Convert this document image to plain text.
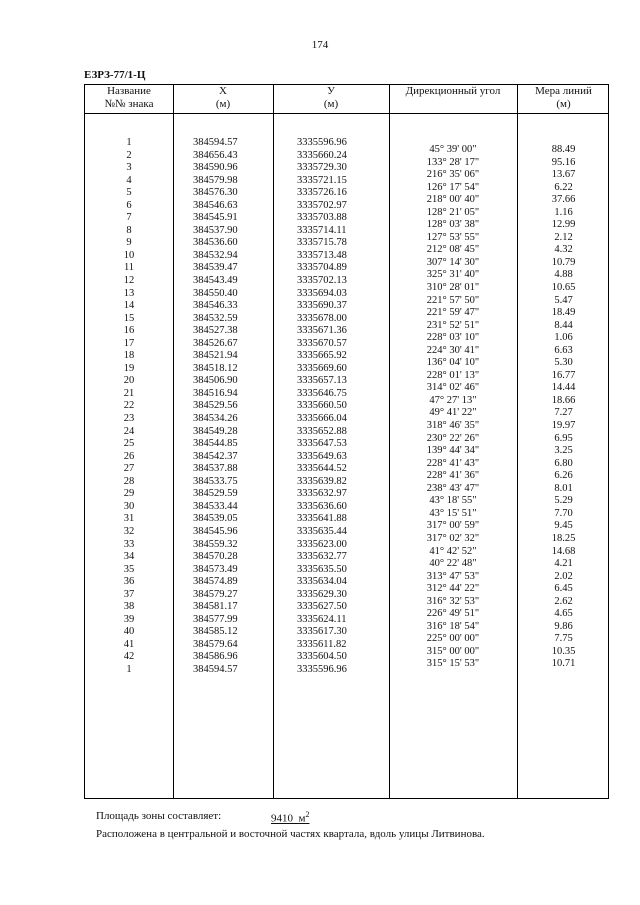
174
ЕЗРЗ-77/1-Ц
Название
№№ знака
X
(м)
У
(м)
Дирекционный угол	Мера линий
(м)
1
2
3
4
5
6
7
8
9
10
11
12
13
14
15
16
17
18
19
20
21
22
23
24
25
26
27
28
29
30
31
32
33
34
35
36
37
38
39
40
41
42
1
384594.57
384656.43
384590.96
384579.98
384576.30
384546.63
384545.91
384537.90
384536.60
384532.94
384539.47
384543.49
384550.40
384546.33
384532.59
384527.38
384526.67
384521.94
384518.12
384506.90
384516.94
384529.56
384534.26
384549.28
384544.85
384542.37
384537.88
384533.75
384529.59
384533.44
384539.05
384545.96
384559.32
384570.28
384573.49
384574.89
384579.27
384581.17
384577.99
384585.12
384579.64
384586.96
384594.57
3335596.96
3335660.24
3335729.30
3335721.15
3335726.16
3335702.97
3335703.88
3335714.11
3335715.78
3335713.48
3335704.89
3335702.13
3335694.03
3335690.37
3335678.00
3335671.36
3335670.57
3335665.92
3335669.60
3335657.13
3335646.75
3335660.50
3335666.04
3335652.88
3335647.53
3335649.63
3335644.52
3335639.82
3335632.97
3335636.60
3335641.88
3335635.44
3335623.00
3335632.77
3335635.50
3335634.04
3335629.30
3335627.50
3335624.11
3335617.30
3335611.82
3335604.50
3335596.96
45° 39' 00"
133° 28' 17"
216° 35' 06"
126° 17' 54"
218° 00' 40"
128° 21' 05"
128° 03' 38"
127° 53' 55"
212° 08' 45"
307° 14' 30"
325° 31' 40"
310° 28' 01"
221° 57' 50"
221° 59' 47"
231° 52' 51"
228° 03' 10"
224° 30' 41"
136° 04' 10"
228° 01' 13"
314° 02' 46"
47° 27' 13"
49° 41' 22"
318° 46' 35"
230° 22' 26"
139° 44' 34"
228° 41' 43"
228° 41' 36"
238° 43' 47"
43° 18' 55"
43° 15' 51"
317° 00' 59"
317° 02' 32"
41° 42' 52"
40° 22' 48"
313° 47' 53"
312° 44' 22"
316° 32' 53"
226° 49' 51"
316° 18' 54"
225° 00' 00"
315° 00' 00"
315° 15' 53"
88.49
95.16
13.67
6.22
37.66
1.16
12.99
2.12
4.32
10.79
4.88
10.65
5.47
18.49
8.44
1.06
6.63
5.30
16.77
14.44
18.66
7.27
19.97
6.95
3.25
6.80
6.26
8.01
5.29
7.70
9.45
18.25
14.68
4.21
2.02
6.45
2.62
4.65
9.86
7.75
10.35
10.71
Площадь зоны составляет:	9410 $м^2$
Расположена в центральной и восточной частях квартала, вдоль улицы Литвинова.
